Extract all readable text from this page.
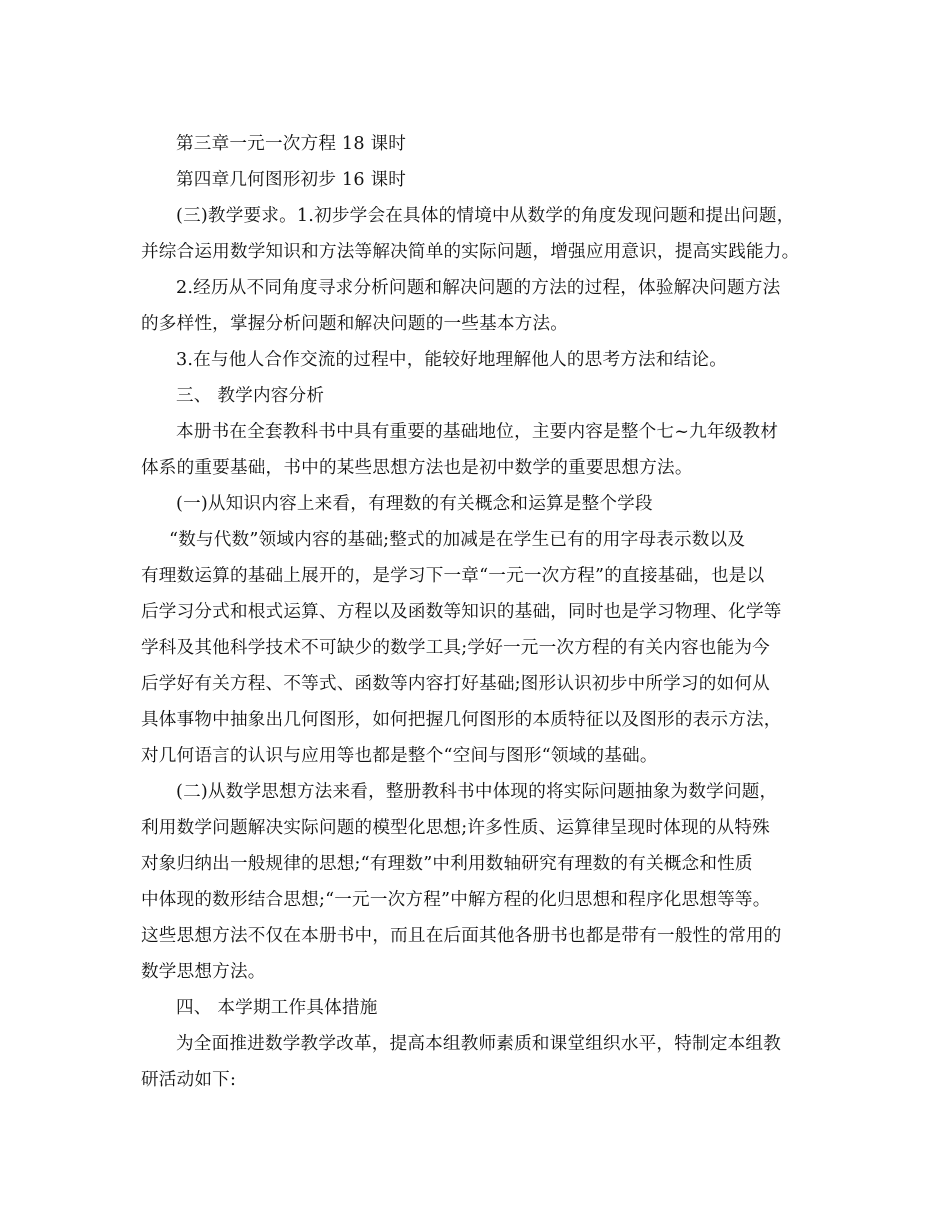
第三章一元一次方程 18 课时
第四章几何图形初步 16 课时
(三)教学要求。1.初步学会在具体的情境中从数学的角度发现问题和提出问题，
并综合运用数学知识和方法等解决简单的实际问题，增强应用意识，提高实践能力。
2.经历从不同角度寻求分析问题和解决问题的方法的过程，体验解决问题方法
的多样性，掌握分析问题和解决问题的一些基本方法。
3.在与他人合作交流的过程中，能较好地理解他人的思考方法和结论。
三、 教学内容分析
本册书在全套教科书中具有重要的基础地位，主要内容是整个七~九年级教材
体系的重要基础，书中的某些思想方法也是初中数学的重要思想方法。
(一)从知识内容上来看，有理数的有关概念和运算是整个学段
“数与代数”领域内容的基础;整式的加减是在学生已有的用字母表示数以及
有理数运算的基础上展开的，是学习下一章“一元一次方程”的直接基础，也是以
后学习分式和根式运算、方程以及函数等知识的基础，同时也是学习物理、化学等
学科及其他科学技术不可缺少的数学工具;学好一元一次方程的有关内容也能为今
后学好有关方程、不等式、函数等内容打好基础;图形认识初步中所学习的如何从
具体事物中抽象出几何图形，如何把握几何图形的本质特征以及图形的表示方法，
对几何语言的认识与应用等也都是整个“空间与图形“领域的基础。
(二)从数学思想方法来看，整册教科书中体现的将实际问题抽象为数学问题，
利用数学问题解决实际问题的模型化思想;许多性质、运算律呈现时体现的从特殊
对象归纳出一般规律的思想;“有理数”中利用数轴研究有理数的有关概念和性质
中体现的数形结合思想;“一元一次方程”中解方程的化归思想和程序化思想等等。
这些思想方法不仅在本册书中，而且在后面其他各册书也都是带有一般性的常用的
数学思想方法。
四、 本学期工作具体措施
为全面推进数学教学改革，提高本组教师素质和课堂组织水平，特制定本组教
研活动如下:
